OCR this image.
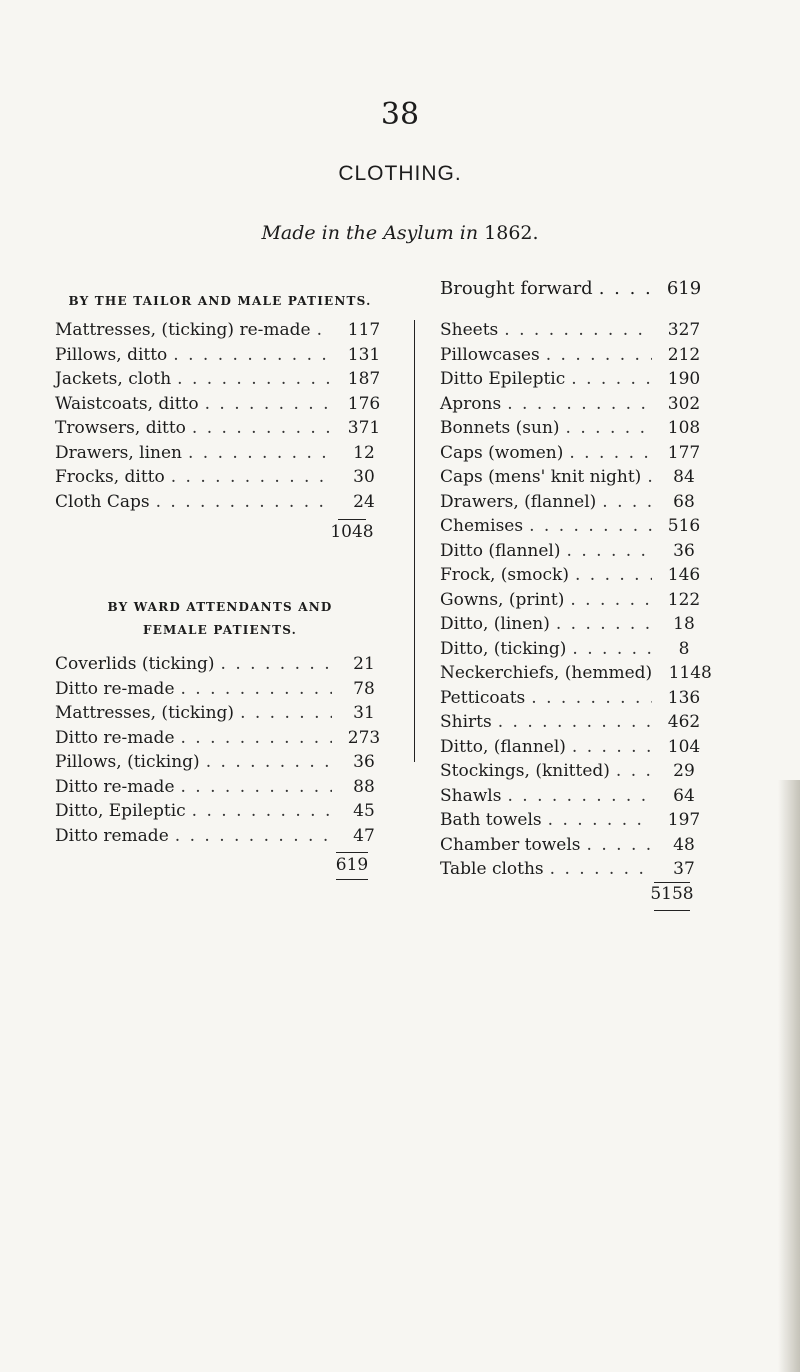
38
CLOTHING.
Made in the Asylum in 1862.
BY THE TAILOR AND MALE PATIENTS.
Mattresses, (ticking) re-made . . .	117
Pillows, ditto . . .	131
Jackets, cloth . . .	187
Waistcoats, ditto . . .	176
Trowsers, ditto . . .	371
Drawers, linen . . .	12
Frocks, ditto . . .	30
Cloth Caps . . .	24
1048
BY WARD ATTENDANTS AND
FEMALE PATIENTS.
Coverlids (ticking) . . .	21
Ditto re-made . . .	78
Mattresses, (ticking) . . .	31
Ditto re-made . . .	273
Pillows, (ticking) . . .	36
Ditto re-made . . .	88
Ditto, Epileptic . . .	45
Ditto remade . . .	47
619
Brought forward . . .	619
Sheets . . .	327
Pillowcases . . .	212
Ditto Epileptic . . .	190
Aprons . . .	302
Bonnets (sun) . . .	108
Caps (women) . . .	177
Caps (mens' knit night) . . .	84
Drawers, (flannel) . . .	68
Chemises . . .	516
Ditto (flannel) . . .	36
Frock, (smock) . . .	146
Gowns, (print) . . .	122
Ditto, (linen) . . .	18
Ditto, (ticking) . . .	8
Neckerchiefs, (hemmed) 1148
Petticoats . . .	136
Shirts . . .	462
Ditto, (flannel) . . .	104
Stockings, (knitted) . . .	29
Shawls . . .	64
Bath towels . . .	197
Chamber towels . . .	48
Table cloths . . .	37
5158
